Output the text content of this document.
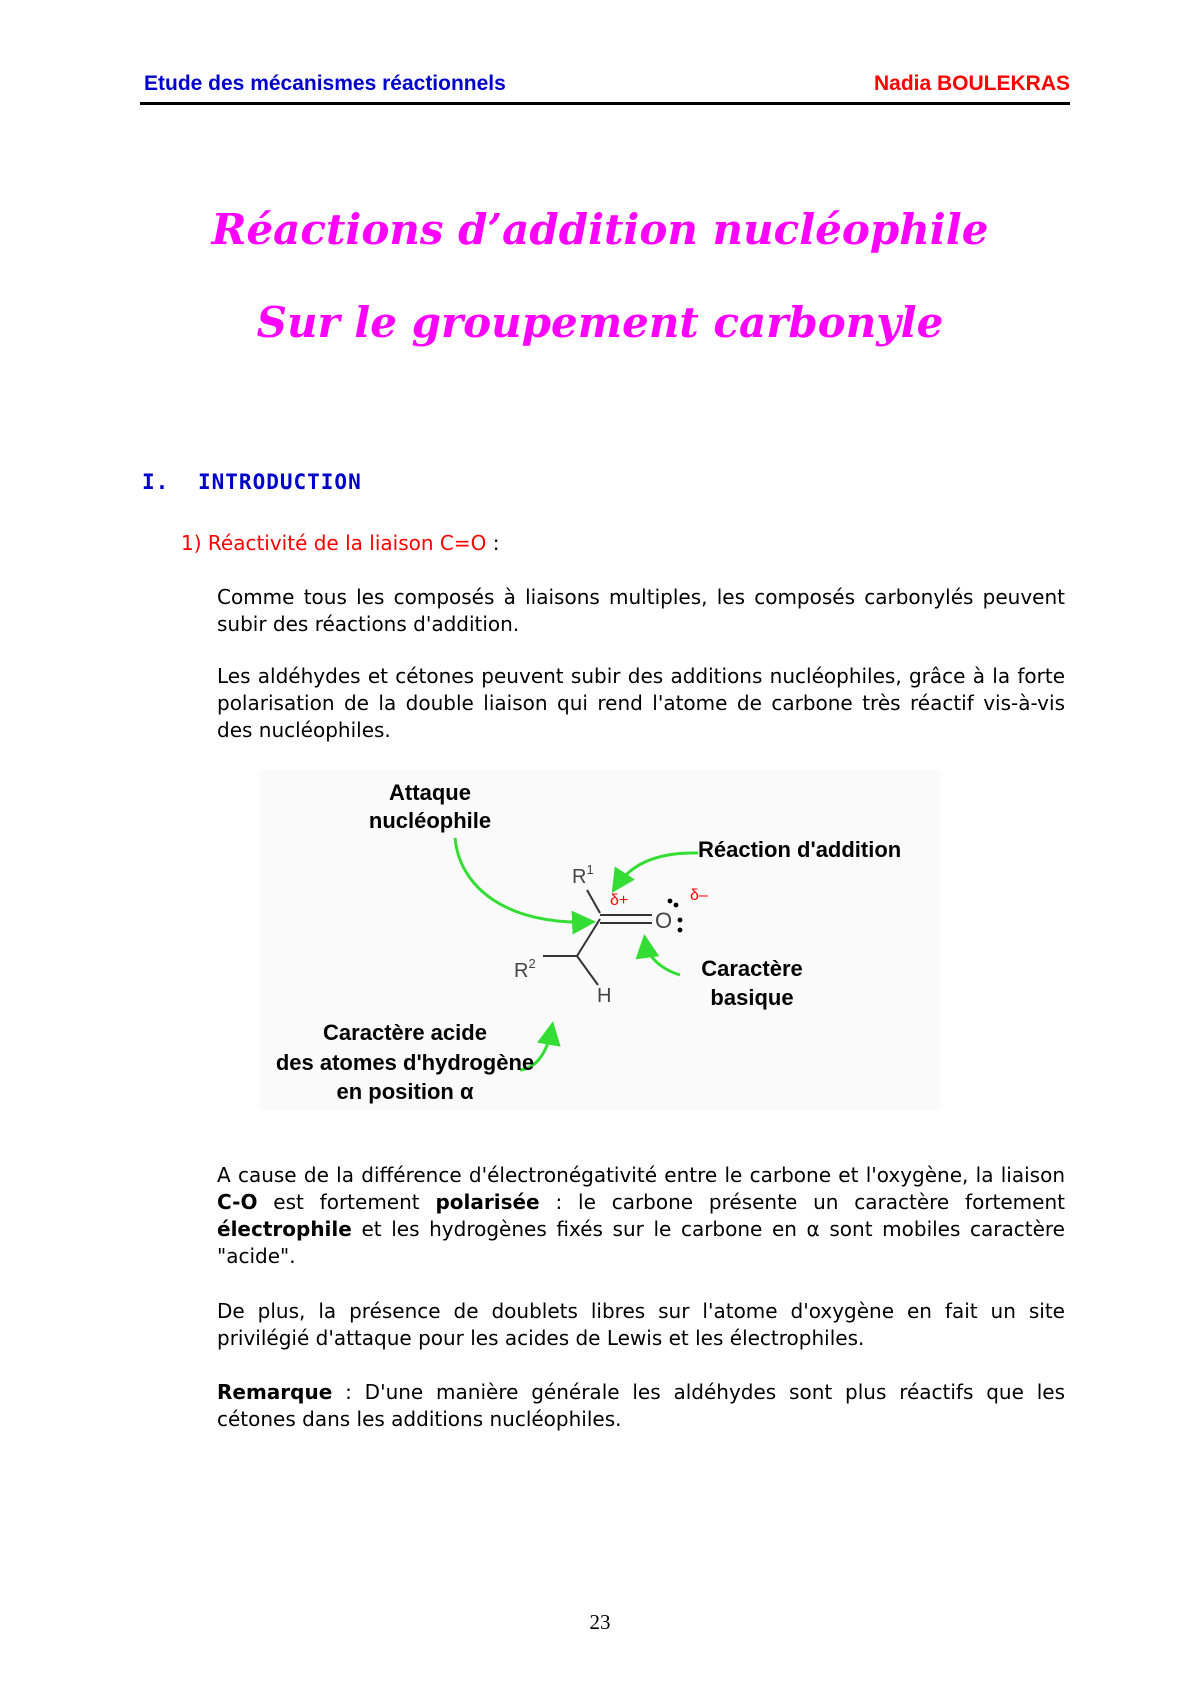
Etude des mécanismes réactionnels	Nadia BOULEKRAS
Réactions d’addition nucléophile
Sur le groupement carbonyle
I. INTRODUCTION
1) Réactivité de la liaison C=O :
Comme tous les composés à liaisons multiples, les composés carbonylés peuvent subir des réactions d'addition.
Les aldéhydes et cétones peuvent subir des additions nucléophiles, grâce à la forte polarisation de la double liaison qui rend l'atome de carbone très réactif vis-à-vis des nucléophiles.
Attaque
nucléophile
Réaction d'addition
$R^1$
$R^2$
H
O
δ+	δ–
Caractère
basique
Caractère acide
des atomes d'hydrogène
en position α
A cause de la différence d'électronégativité entre le carbone et l'oxygène, la liaison C-O est fortement polarisée : le carbone présente un caractère fortement électrophile et les hydrogènes fixés sur le carbone en α sont mobiles caractère "acide".
De plus, la présence de doublets libres sur l'atome d'oxygène en fait un site privilégié d'attaque pour les acides de Lewis et les électrophiles.
Remarque : D'une manière générale les aldéhydes sont plus réactifs que les cétones dans les additions nucléophiles.
23
